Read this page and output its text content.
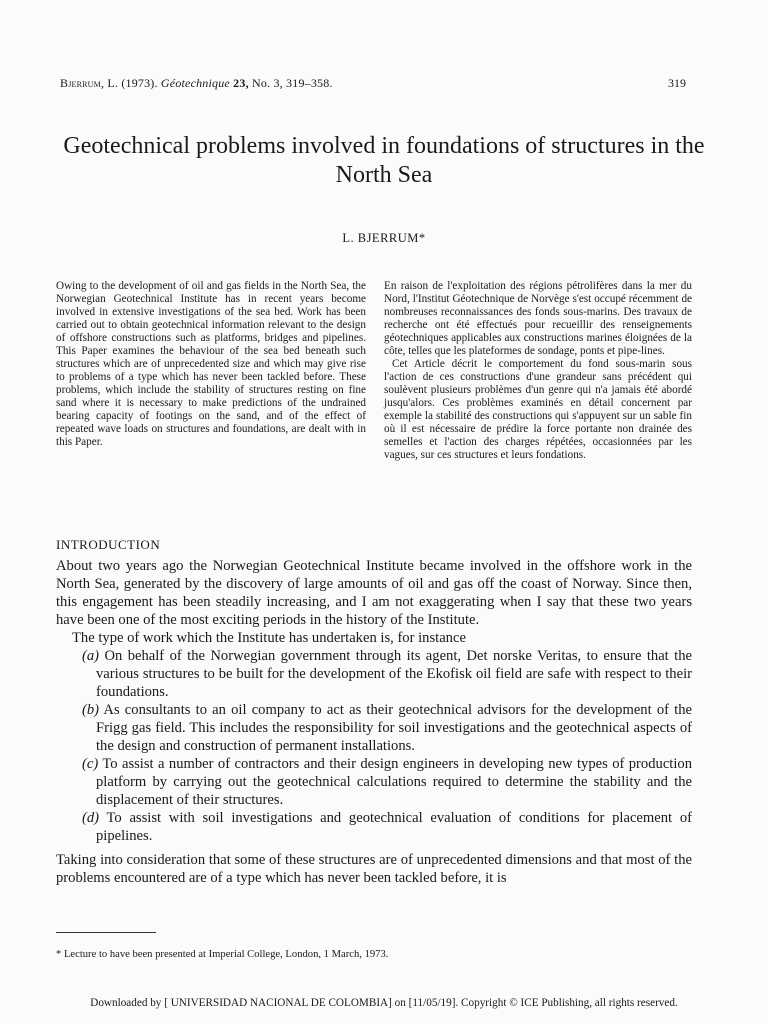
Bjerrum, L. (1973). Géotechnique 23, No. 3, 319–358.	319
Geotechnical problems involved in foundations of structures in the North Sea
L. BJERRUM*
Owing to the development of oil and gas fields in the North Sea, the Norwegian Geotechnical Institute has in recent years become involved in extensive investigations of the sea bed. Work has been carried out to obtain geotechnical information relevant to the design of offshore constructions such as platforms, bridges and pipelines. This Paper examines the behaviour of the sea bed beneath such structures which are of unprecedented size and which may give rise to problems of a type which has never been tackled before. These problems, which include the stability of structures resting on fine sand where it is necessary to make predictions of the undrained bearing capacity of footings on the sand, and of the effect of repeated wave loads on structures and foundations, are dealt with in this Paper.

En raison de l'exploitation des régions pétrolifères dans la mer du Nord, l'Institut Géotechnique de Norvège s'est occupé récemment de nombreuses reconnaissances des fonds sous-marins. Des travaux de recherche ont été effectués pour recueillir des renseignements géotechniques applicables aux constructions marines éloignées de la côte, telles que les plateformes de sondage, ponts et pipe-lines.

Cet Article décrit le comportement du fond sous-marin sous l'action de ces constructions d'une grandeur sans précédent qui soulèvent plusieurs problèmes d'un genre qui n'a jamais été abordé jusqu'alors. Ces problèmes examinés en détail concernent par exemple la stabilité des constructions qui s'appuyent sur un sable fin où il est nécessaire de prédire la force portante non drainée des semelles et l'action des charges répétées, occasionnées par les vagues, sur ces structures et leurs fondations.

INTRODUCTION

About two years ago the Norwegian Geotechnical Institute became involved in the offshore work in the North Sea, generated by the discovery of large amounts of oil and gas off the coast of Norway. Since then, this engagement has been steadily increasing, and I am not exaggerating when I say that these two years have been one of the most exciting periods in the history of the Institute.

The type of work which the Institute has undertaken is, for instance

(a) On behalf of the Norwegian government through its agent, Det norske Veritas, to ensure that the various structures to be built for the development of the Ekofisk oil field are safe with respect to their foundations.

(b) As consultants to an oil company to act as their geotechnical advisors for the development of the Frigg gas field. This includes the responsibility for soil investigations and the geotechnical aspects of the design and construction of permanent installations.

(c) To assist a number of contractors and their design engineers in developing new types of production platform by carrying out the geotechnical calculations required to determine the stability and the displacement of their structures.

(d) To assist with soil investigations and geotechnical evaluation of conditions for placement of pipelines.

Taking into consideration that some of these structures are of unprecedented dimensions and that most of the problems encountered are of a type which has never been tackled before, it is

* Lecture to have been presented at Imperial College, London, 1 March, 1973.
Downloaded by [ UNIVERSIDAD NACIONAL DE COLOMBIA] on [11/05/19]. Copyright © ICE Publishing, all rights reserved.
